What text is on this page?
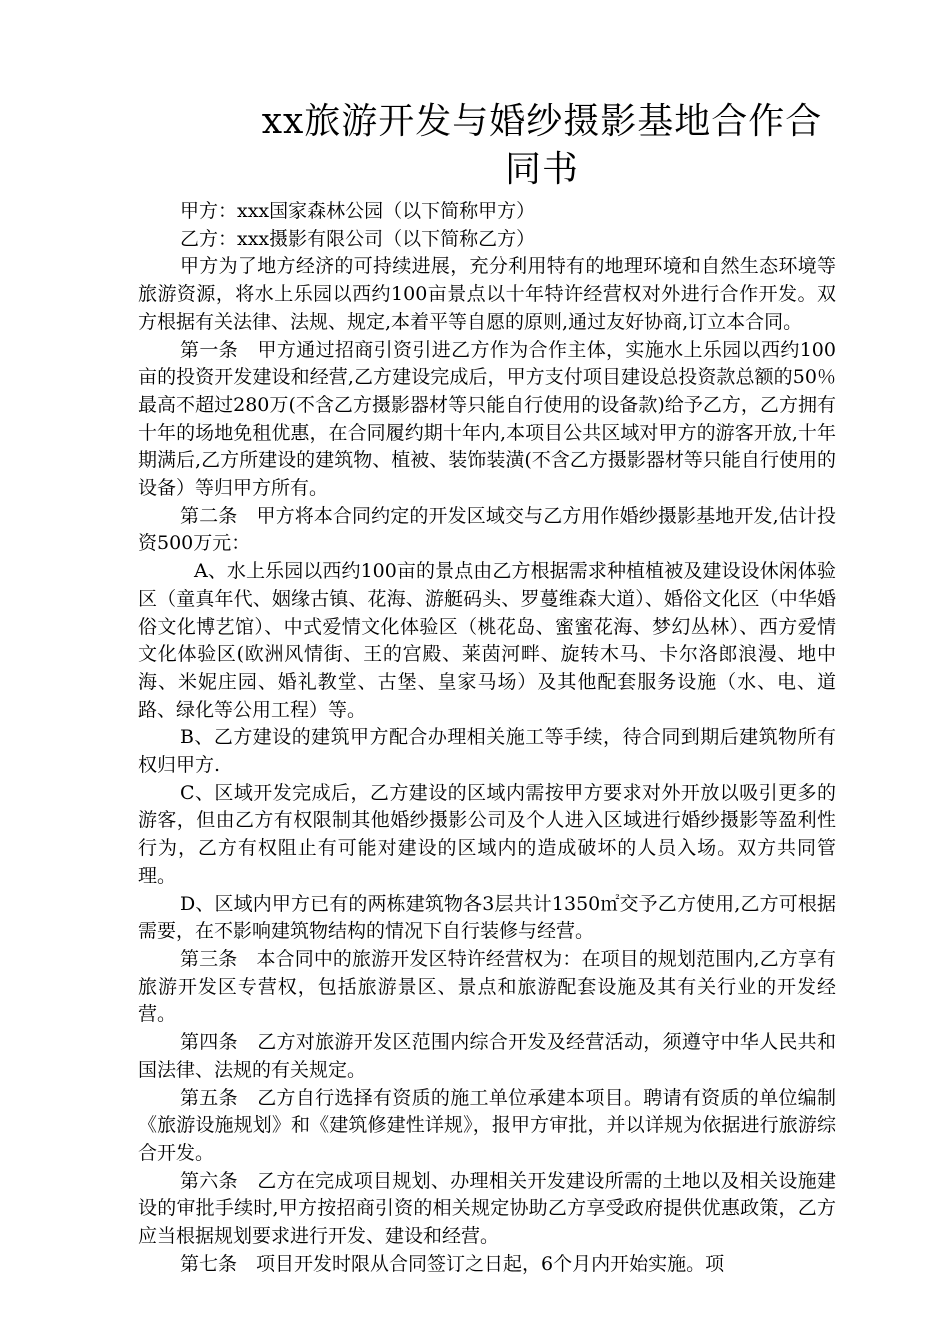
xx旅游开发与婚纱摄影基地合作合同书

甲方：xxx国家森林公园（以下简称甲方）

乙方：xxx摄影有限公司（以下简称乙方）

甲方为了地方经济的可持续进展，充分利用特有的地理环境和自然生态环境等旅游资源，将水上乐园以西约100亩景点以十年特许经营权对外进行合作开发。双方根据有关法律、法规、规定,本着平等自愿的原则,通过友好协商,订立本合同。

第一条　甲方通过招商引资引进乙方作为合作主体，实施水上乐园以西约100亩的投资开发建设和经营,乙方建设完成后，甲方支付项目建设总投资款总额的50％最高不超过280万(不含乙方摄影器材等只能自行使用的设备款)给予乙方，乙方拥有十年的场地免租优惠，在合同履约期十年内,本项目公共区域对甲方的游客开放,十年期满后,乙方所建设的建筑物、植被、装饰装潢(不含乙方摄影器材等只能自行使用的设备）等归甲方所有。

第二条　甲方将本合同约定的开发区域交与乙方用作婚纱摄影基地开发,估计投资500万元：

A、水上乐园以西约100亩的景点由乙方根据需求种植植被及建设设休闲体验区（童真年代、姻缘古镇、花海、游艇码头、罗蔓维森大道）、婚俗文化区（中华婚俗文化博艺馆）、中式爱情文化体验区（桃花岛、蜜蜜花海、梦幻丛林）、西方爱情文化体验区(欧洲风情街、王的宫殿、莱茵河畔、旋转木马、卡尔洛郎浪漫、地中海、米妮庄园、婚礼教堂、古堡、皇家马场）及其他配套服务设施（水、电、道路、绿化等公用工程）等。

B、乙方建设的建筑甲方配合办理相关施工等手续，待合同到期后建筑物所有权归甲方.

C、区域开发完成后，乙方建设的区域内需按甲方要求对外开放以吸引更多的游客，但由乙方有权限制其他婚纱摄影公司及个人进入区域进行婚纱摄影等盈利性行为，乙方有权阻止有可能对建设的区域内的造成破坏的人员入场。双方共同管理。

D、区域内甲方已有的两栋建筑物各3层共计1350㎡交予乙方使用,乙方可根据需要，在不影响建筑物结构的情况下自行装修与经营。

第三条　本合同中的旅游开发区特许经营权为：在项目的规划范围内,乙方享有旅游开发区专营权，包括旅游景区、景点和旅游配套设施及其有关行业的开发经营。

第四条　乙方对旅游开发区范围内综合开发及经营活动，须遵守中华人民共和国法律、法规的有关规定。

第五条　乙方自行选择有资质的施工单位承建本项目。聘请有资质的单位编制《旅游设施规划》和《建筑修建性详规》，报甲方审批，并以详规为依据进行旅游综合开发。

第六条　乙方在完成项目规划、办理相关开发建设所需的土地以及相关设施建设的审批手续时,甲方按招商引资的相关规定协助乙方享受政府提供优惠政策，乙方应当根据规划要求进行开发、建设和经营。

第七条　项目开发时限从合同签订之日起，6个月内开始实施。项
